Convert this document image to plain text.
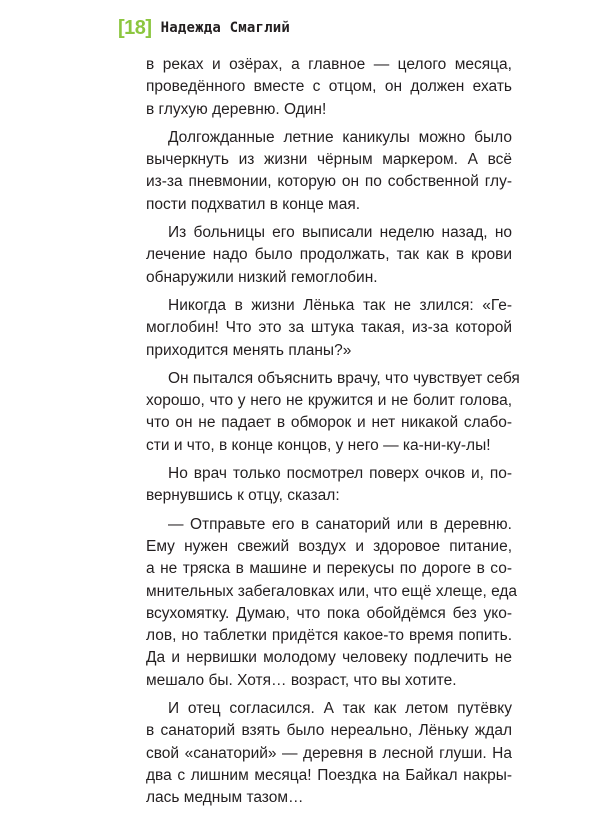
[18] Надежда Смаглий

в реках и озёрах, а главное — целого месяца,
проведённого вместе с отцом, он должен ехать
в глухую деревню. Один!

Долгожданные летние каникулы можно было
вычеркнуть из жизни чёрным маркером. А всё
из-за пневмонии, которую он по собственной глу-
пости подхватил в конце мая.

Из больницы его выписали неделю назад, но
лечение надо было продолжать, так как в крови
обнаружили низкий гемоглобин.

Никогда в жизни Лёнька так не злился: «Ге-
моглобин! Что это за штука такая, из-за которой
приходится менять планы?»

Он пытался объяснить врачу, что чувствует себя
хорошо, что у него не кружится и не болит голова,
что он не падает в обморок и нет никакой слабо-
сти и что, в конце концов, у него — ка-ни-ку-лы!

Но врач только посмотрел поверх очков и, по-
вернувшись к отцу, сказал:

— Отправьте его в санаторий или в деревню.
Ему нужен свежий воздух и здоровое питание,
а не тряска в машине и перекусы по дороге в со-
мнительных забегаловках или, что ещё хлеще, еда
всухомятку. Думаю, что пока обойдёмся без уко-
лов, но таблетки придётся какое-то время попить.
Да и нервишки молодому человеку подлечить не
мешало бы. Хотя… возраст, что вы хотите.

И отец согласился. А так как летом путёвку
в санаторий взять было нереально, Лёньку ждал
свой «санаторий» — деревня в лесной глуши. На
два с лишним месяца! Поездка на Байкал накры-
лась медным тазом…
